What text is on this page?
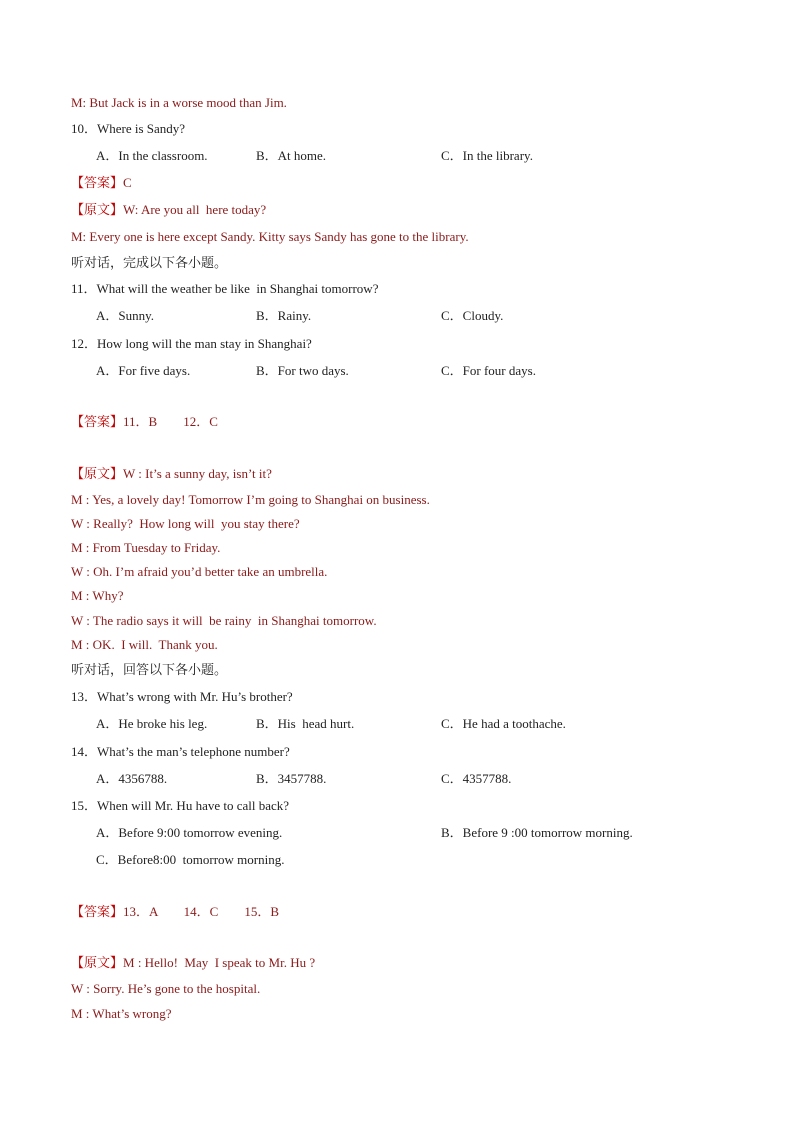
M: But Jack is in a worse mood than Jim.
10．Where is Sandy?
A．In the classroom.	B．At home.	C．In the library.
【答案】C
【原文】W: Are you all  here today?
M: Every one is here except Sandy. Kitty says Sandy has gone to the library.
听对话，完成以下各小题。
11．What will the weather be like  in Shanghai tomorrow?
A．Sunny.	B．Rainy.	C．Cloudy.
12．How long will the man stay in Shanghai?
A．For five days.	B．For two days.	C．For four days.
【答案】11．B        12．C
【原文】W : It’s a sunny day, isn’t it?
M : Yes, a lovely day! Tomorrow I’m going to Shanghai on business.
W : Really?  How long will  you stay there?
M : From Tuesday to Friday.
W : Oh. I’m afraid you’d better take an umbrella.
M : Why?
W : The radio says it will  be rainy  in Shanghai tomorrow.
M : OK.  I will.  Thank you.
听对话，回答以下各小题。
13．What’s wrong with Mr. Hu’s brother?
A．He broke his leg.	B．His  head hurt.	C．He had a toothache.
14．What’s the man’s telephone number?
A．4356788.	B．3457788.	C．4357788.
15．When will Mr. Hu have to call back?
A．Before 9:00 tomorrow evening.	B．Before 9 :00 tomorrow morning.
C．Before8:00  tomorrow morning.
【答案】13．A        14．C        15．B
【原文】M : Hello!  May  I speak to Mr. Hu ?
W : Sorry. He’s gone to the hospital.
M : What’s wrong?
